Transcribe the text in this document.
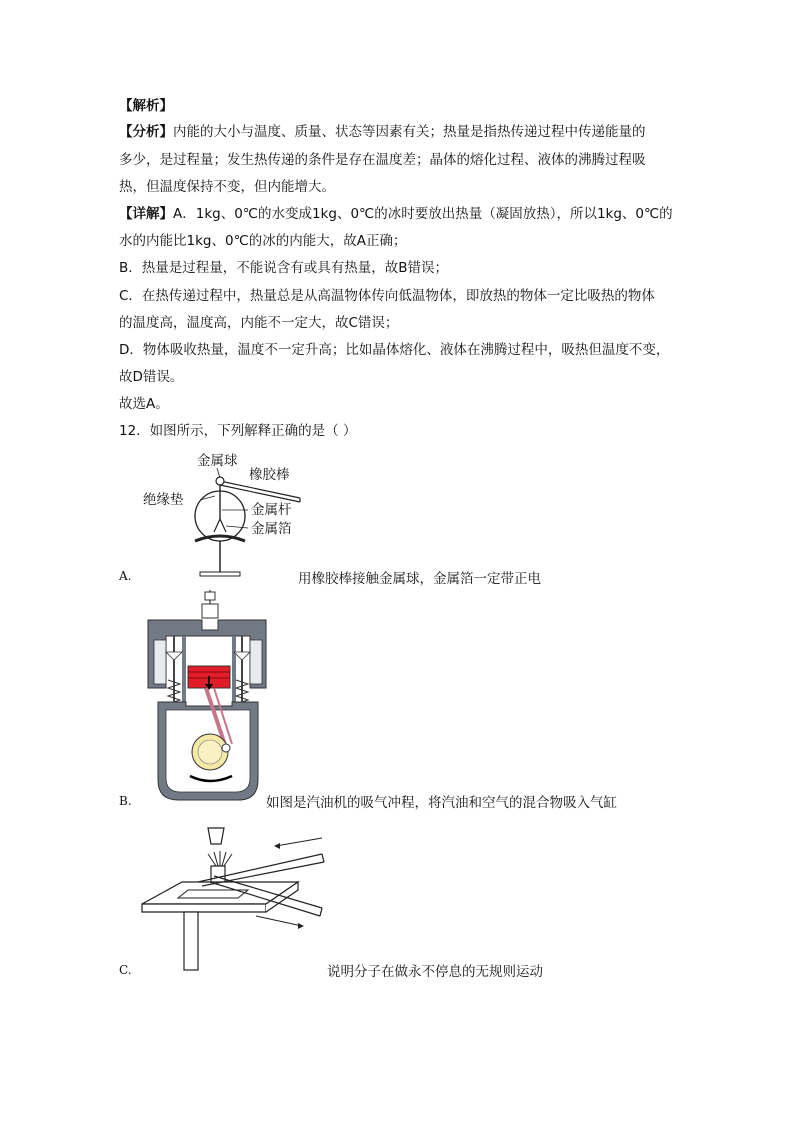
【解析】
【分析】内能的大小与温度、质量、状态等因素有关；热量是指热传递过程中传递能量的
多少，是过程量；发生热传递的条件是存在温度差；晶体的熔化过程、液体的沸腾过程吸
热，但温度保持不变，但内能增大。
【详解】A．1kg、0℃的水变成1kg、0℃的冰时要放出热量（凝固放热），所以1kg、0℃的
水的内能比1kg、0℃的冰的内能大，故A正确；
B．热量是过程量，不能说含有或具有热量，故B错误；
C．在热传递过程中，热量总是从高温物体传向低温物体，即放热的物体一定比吸热的物体
的温度高，温度高，内能不一定大，故C错误；
D．物体吸收热量，温度不一定升高；比如晶体熔化、液体在沸腾过程中，吸热但温度不变，
故D错误。
故选A。
12．如图所示，下列解释正确的是（ ）
金属球
橡胶棒
绝缘垫
金属杆
金属箔
A.	用橡胶棒接触金属球，金属箔一定带正电
B.	如图是汽油机的吸气冲程，将汽油和空气的混合物吸入气缸
C.	说明分子在做永不停息的无规则运动
